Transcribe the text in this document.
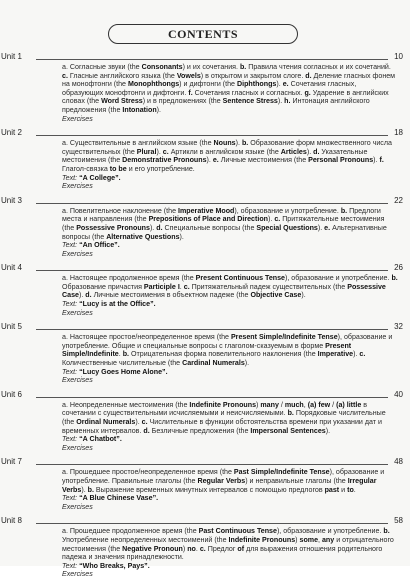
CONTENTS
Unit 1	10
a. Согласные звуки (the Consonants) и их сочетания. b. Правила чтения согласных и их сочетаний. c. Гласные английского языка (the Vowels) в открытом и закрытом слоге. d. Деление гласных фонем на монофтонги (the Monophthongs) и дифтонги (the Diphthongs). e. Сочетания гласных, образующих монофтонги и дифтонги. f. Сочетания гласных и согласных. g. Ударение в английских словах (the Word Stress) и в предложениях (the Sentence Stress). h. Интонация английского предложения (the Intonation).
Exercises
Unit 2	18
a. Существительные в английском языке (the Nouns). b. Образование форм множественного числа существительных (the Plural). c. Артикли в английском языке (the Articles). d. Указательные местоимения (the Demonstrative Pronouns). e. Личные местоимения (the Personal Pronouns). f. Глагол-связка to be и его употребление.
Text: “A College”.
Exercises
Unit 3	22
a. Повелительное наклонение (the Imperative Mood), образование и употребление. b. Предлоги места и направления (the Prepositions of Place and Direction). c. Притяжательные местоимения (the Possessive Pronouns). d. Специальные вопросы (the Special Questions). e. Альтернативные вопросы (the Alternative Questions).
Text: “An Office”.
Exercises
Unit 4	26
a. Настоящее продолженное время (the Present Continuous Tense), образование и употребление. b. Образование причастия Participle I. c. Притяжательный падеж существительных (the Possessive Case). d. Личные местоимения в объектном падеже (the Objective Case).
Text: “Lucy is at the Office”.
Exercises
Unit 5	32
a. Настоящее простое/неопределенное время (the Present Simple/Indefinite Tense), образование и употребление. Общие и специальные вопросы с глаголом-сказуемым в форме Present Simple/Indefinite. b. Отрицательная форма повелительного наклонения (the Imperative). c. Количественные числительные (the Cardinal Numerals).
Text: “Lucy Goes Home Alone”.
Exercises
Unit 6	40
a. Неопределенные местоимения (the Indefinite Pronouns) many / much, (a) few / (a) little в сочетании с существительными исчисляемыми и неисчисляемыми. b. Порядковые числительные (the Ordinal Numerals). c. Числительные в функции обстоятельства времени при указании дат и временных интервалов. d. Безличные предложения (the Impersonal Sentences).
Text: “A Chatbot”.
Exercises
Unit 7	48
a. Прошедшее простое/неопределенное время (the Past Simple/Indefinite Tense), образование и употребление. Правильные глаголы (the Regular Verbs) и неправильные глаголы (the Irregular Verbs). b. Выражение временных минутных интервалов с помощью предлогов past и to.
Text: “A Blue Chinese Vase”.
Exercises
Unit 8	58
a. Прошедшее продолженное время (the Past Continuous Tense), образование и употребление. b. Употребление неопределенных местоимений (the Indefinite Pronouns) some, any и отрицательного местоимения (the Negative Pronoun) no. c. Предлог of для выражения отношения родительного падежа и значения принадлежности.
Text: “Who Breaks, Pays”.
Exercises
